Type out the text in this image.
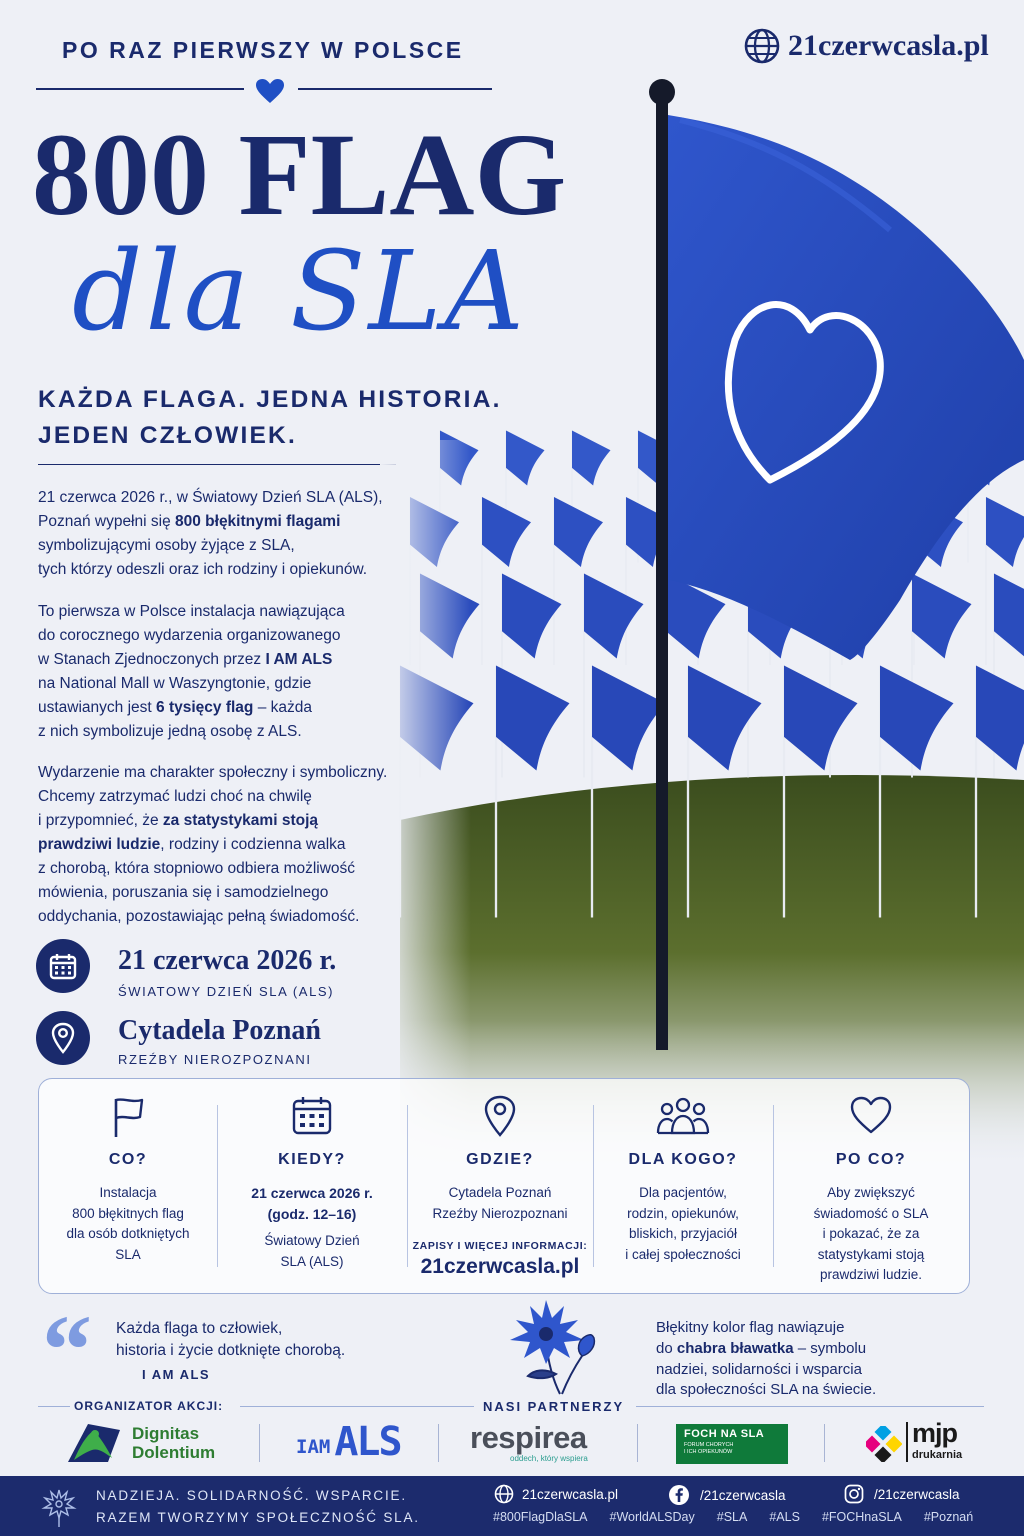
PO RAZ PIERWSZY W POLSCE	21czerwcasla.pl
800 FLAG
dla SLA
KAŻDA FLAGA. JEDNA HISTORIA.
JEDEN CZŁOWIEK.
21 czerwca 2026 r., w Światowy Dzień SLA (ALS),
Poznań wypełni się 800 błękitnymi flagami
symbolizującymi osoby żyjące z SLA,
tych którzy odeszli oraz ich rodziny i opiekunów.
To pierwsza w Polsce instalacja nawiązująca
do corocznego wydarzenia organizowanego
w Stanach Zjednoczonych przez I AM ALS
na National Mall w Waszyngtonie, gdzie
ustawianych jest 6 tysięcy flag – każda
z nich symbolizuje jedną osobę z ALS.
Wydarzenie ma charakter społeczny i symboliczny.
Chcemy zatrzymać ludzi choć na chwilę
i przypomnieć, że za statystykami stoją
prawdziwi ludzie, rodziny i codzienna walka
z chorobą, która stopniowo odbiera możliwość
mówienia, poruszania się i samodzielnego
oddychania, pozostawiając pełną świadomość.
21 czerwca 2026 r.
ŚWIATOWY DZIEŃ SLA (ALS)
Cytadela Poznań
RZEŹBY NIEROZPOZNANI
CO?
Instalacja
800 błękitnych flag
dla osób dotkniętych
SLA
KIEDY?
21 czerwca 2026 r.
(godz. 12–16)
Światowy Dzień
SLA (ALS)
GDZIE?
Cytadela Poznań
Rzeźby Nierozpoznani
ZAPISY I WIĘCEJ INFORMACJI:
21czerwcasla.pl
DLA KOGO?
Dla pacjentów,
rodzin, opiekunów,
bliskich, przyjaciół
i całej społeczności
PO CO?
Aby zwiększyć
świadomość o SLA
i pokazać, że za
statystykami stoją
prawdziwi ludzie.
“ Każda flaga to człowiek,
historia i życie dotknięte chorobą.
I AM ALS
Błękitny kolor flag nawiązuje
do chabra bławatka – symbolu
nadziei, solidarności i wsparcia
dla społeczności SLA na świecie.
ORGANIZATOR AKCJI:	NASI PARTNERZY
Dignitas
Dolentium	IAM ALS respirea
oddech, który wspiera
FOCH NA SLA
FORUM CHORYCH
I ICH OPIEKUNÓW
mjp
drukarnia
NADZIEJA. SOLIDARNOŚĆ. WSPARCIE.
RAZEM TWORZYMY SPOŁECZNOŚĆ SLA.
21czerwcasla.pl	/21czerwcasla	/21czerwcasla
#800FlagDlaSLA #WorldALSDay #SLA #ALS #FOCHnaSLA #Poznań
